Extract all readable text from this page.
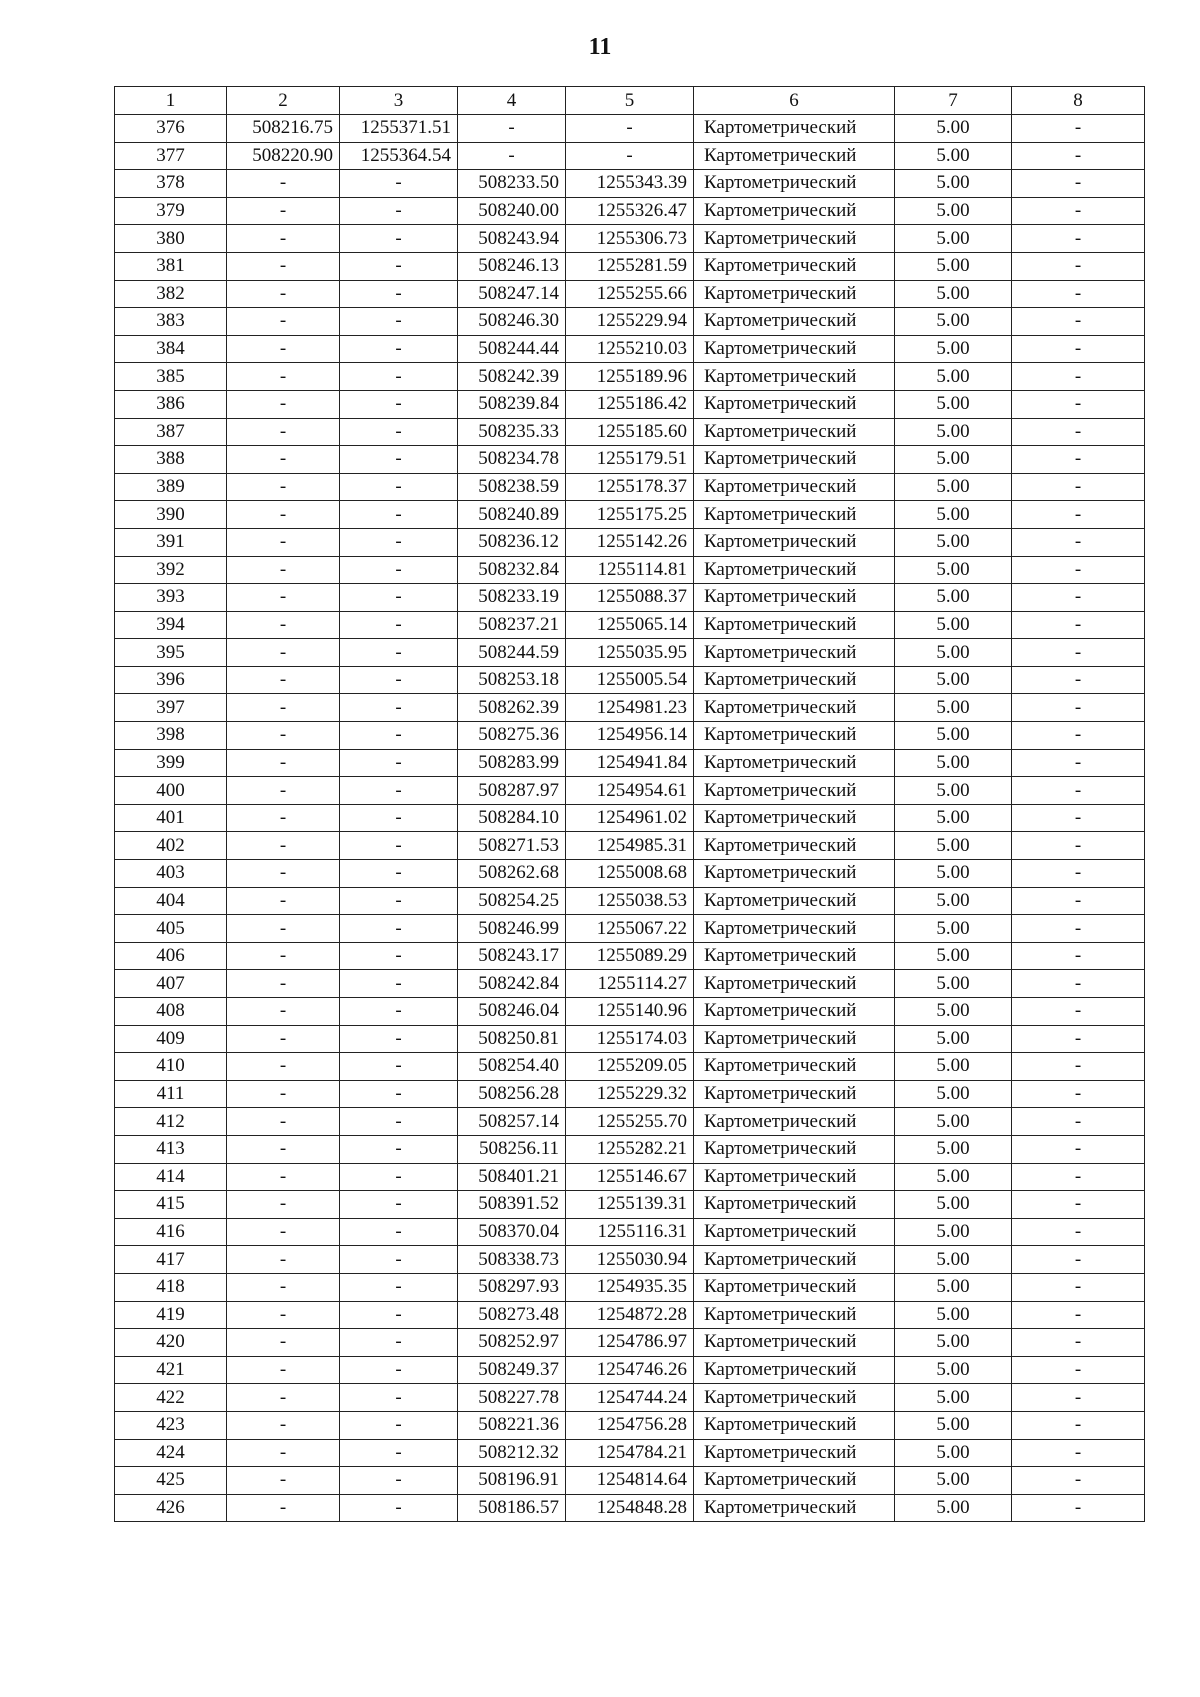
11
1	2	3	4	5	6	7	8
376	508216.75	1255371.51	-	-	Картометрический	5.00	-
377	508220.90	1255364.54	-	-	Картометрический	5.00	-
378	-	-	508233.50	1255343.39	Картометрический	5.00	-
379	-	-	508240.00	1255326.47	Картометрический	5.00	-
380	-	-	508243.94	1255306.73	Картометрический	5.00	-
381	-	-	508246.13	1255281.59	Картометрический	5.00	-
382	-	-	508247.14	1255255.66	Картометрический	5.00	-
383	-	-	508246.30	1255229.94	Картометрический	5.00	-
384	-	-	508244.44	1255210.03	Картометрический	5.00	-
385	-	-	508242.39	1255189.96	Картометрический	5.00	-
386	-	-	508239.84	1255186.42	Картометрический	5.00	-
387	-	-	508235.33	1255185.60	Картометрический	5.00	-
388	-	-	508234.78	1255179.51	Картометрический	5.00	-
389	-	-	508238.59	1255178.37	Картометрический	5.00	-
390	-	-	508240.89	1255175.25	Картометрический	5.00	-
391	-	-	508236.12	1255142.26	Картометрический	5.00	-
392	-	-	508232.84	1255114.81	Картометрический	5.00	-
393	-	-	508233.19	1255088.37	Картометрический	5.00	-
394	-	-	508237.21	1255065.14	Картометрический	5.00	-
395	-	-	508244.59	1255035.95	Картометрический	5.00	-
396	-	-	508253.18	1255005.54	Картометрический	5.00	-
397	-	-	508262.39	1254981.23	Картометрический	5.00	-
398	-	-	508275.36	1254956.14	Картометрический	5.00	-
399	-	-	508283.99	1254941.84	Картометрический	5.00	-
400	-	-	508287.97	1254954.61	Картометрический	5.00	-
401	-	-	508284.10	1254961.02	Картометрический	5.00	-
402	-	-	508271.53	1254985.31	Картометрический	5.00	-
403	-	-	508262.68	1255008.68	Картометрический	5.00	-
404	-	-	508254.25	1255038.53	Картометрический	5.00	-
405	-	-	508246.99	1255067.22	Картометрический	5.00	-
406	-	-	508243.17	1255089.29	Картометрический	5.00	-
407	-	-	508242.84	1255114.27	Картометрический	5.00	-
408	-	-	508246.04	1255140.96	Картометрический	5.00	-
409	-	-	508250.81	1255174.03	Картометрический	5.00	-
410	-	-	508254.40	1255209.05	Картометрический	5.00	-
411	-	-	508256.28	1255229.32	Картометрический	5.00	-
412	-	-	508257.14	1255255.70	Картометрический	5.00	-
413	-	-	508256.11	1255282.21	Картометрический	5.00	-
414	-	-	508401.21	1255146.67	Картометрический	5.00	-
415	-	-	508391.52	1255139.31	Картометрический	5.00	-
416	-	-	508370.04	1255116.31	Картометрический	5.00	-
417	-	-	508338.73	1255030.94	Картометрический	5.00	-
418	-	-	508297.93	1254935.35	Картометрический	5.00	-
419	-	-	508273.48	1254872.28	Картометрический	5.00	-
420	-	-	508252.97	1254786.97	Картометрический	5.00	-
421	-	-	508249.37	1254746.26	Картометрический	5.00	-
422	-	-	508227.78	1254744.24	Картометрический	5.00	-
423	-	-	508221.36	1254756.28	Картометрический	5.00	-
424	-	-	508212.32	1254784.21	Картометрический	5.00	-
425	-	-	508196.91	1254814.64	Картометрический	5.00	-
426	-	-	508186.57	1254848.28	Картометрический	5.00	-
